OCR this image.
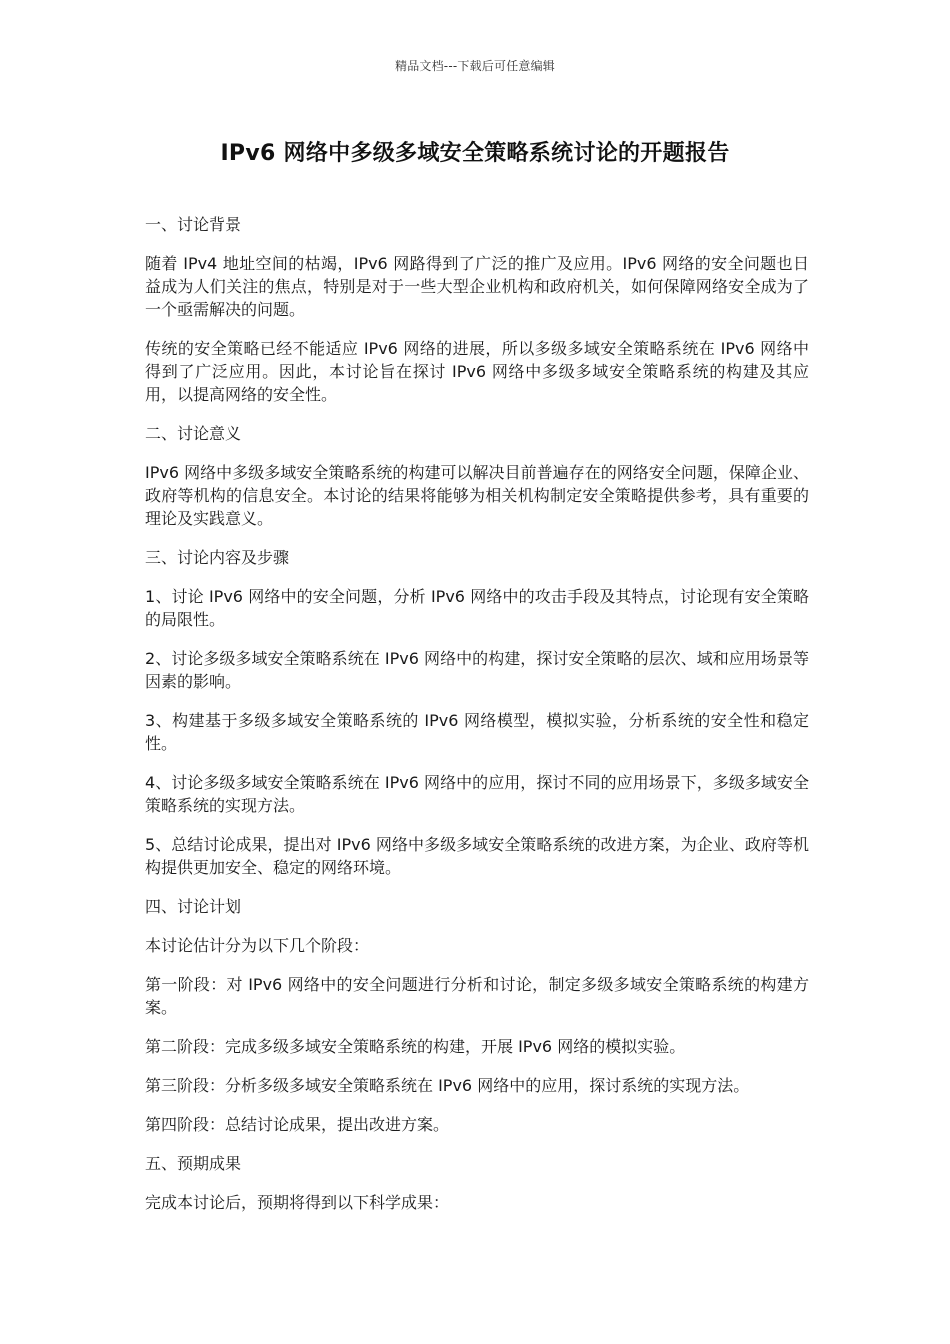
精品文档---下载后可任意编辑
IPv6 网络中多级多域安全策略系统讨论的开题报告

一、讨论背景

随着 IPv4 地址空间的枯竭，IPv6 网路得到了广泛的推广及应用。IPv6 网络的安全问题也日益成为人们关注的焦点，特别是对于一些大型企业机构和政府机关，如何保障网络安全成为了一个亟需解决的问题。

传统的安全策略已经不能适应 IPv6 网络的进展，所以多级多域安全策略系统在 IPv6 网络中得到了广泛应用。因此，本讨论旨在探讨 IPv6 网络中多级多域安全策略系统的构建及其应用，以提高网络的安全性。

二、讨论意义

IPv6 网络中多级多域安全策略系统的构建可以解决目前普遍存在的网络安全问题，保障企业、政府等机构的信息安全。本讨论的结果将能够为相关机构制定安全策略提供参考，具有重要的理论及实践意义。

三、讨论内容及步骤

1、讨论 IPv6 网络中的安全问题，分析 IPv6 网络中的攻击手段及其特点，讨论现有安全策略的局限性。

2、讨论多级多域安全策略系统在 IPv6 网络中的构建，探讨安全策略的层次、域和应用场景等因素的影响。

3、构建基于多级多域安全策略系统的 IPv6 网络模型，模拟实验，分析系统的安全性和稳定性。

4、讨论多级多域安全策略系统在 IPv6 网络中的应用，探讨不同的应用场景下，多级多域安全策略系统的实现方法。

5、总结讨论成果，提出对 IPv6 网络中多级多域安全策略系统的改进方案，为企业、政府等机构提供更加安全、稳定的网络环境。

四、讨论计划

本讨论估计分为以下几个阶段：

第一阶段：对 IPv6 网络中的安全问题进行分析和讨论，制定多级多域安全策略系统的构建方案。

第二阶段：完成多级多域安全策略系统的构建，开展 IPv6 网络的模拟实验。

第三阶段：分析多级多域安全策略系统在 IPv6 网络中的应用，探讨系统的实现方法。

第四阶段：总结讨论成果，提出改进方案。

五、预期成果

完成本讨论后，预期将得到以下科学成果：
